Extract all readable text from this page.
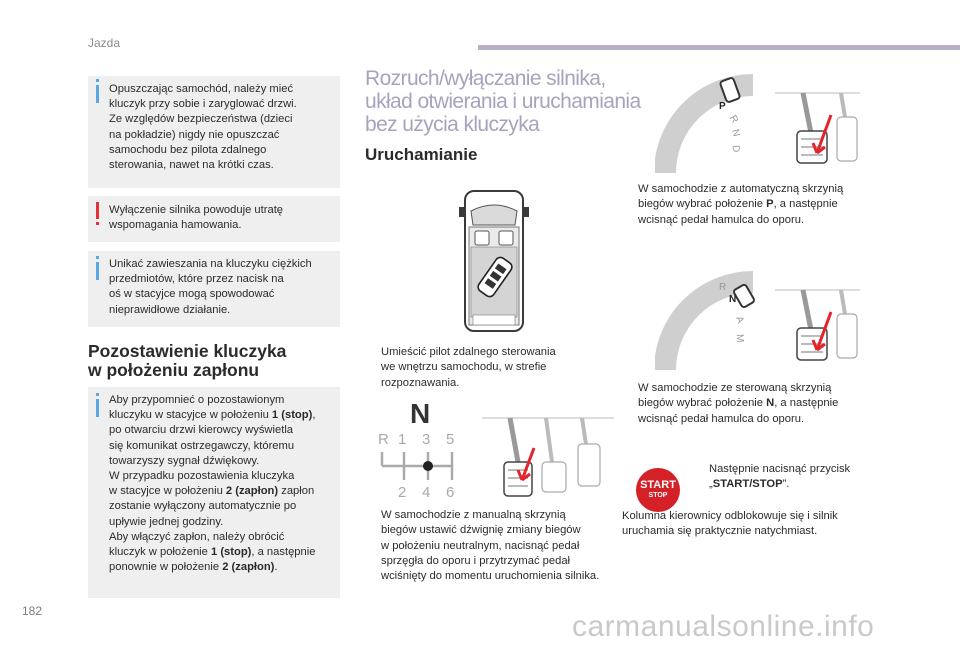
Jazda

Opuszczając samochód, należy mieć

kluczyk przy sobie i zaryglować drzwi.

Ze względów bezpieczeństwa (dzieci

na pokładzie) nigdy nie opuszczać

samochodu bez pilota zdalnego

sterowania, nawet na krótki czas.

Wyłączenie silnika powoduje utratę

wspomagania hamowania.

Unikać zawieszania na kluczyku ciężkich

przedmiotów, które przez nacisk na

oś w stacyjce mogą spowodować

nieprawidłowe działanie.

Pozostawienie kluczyka
w położeniu zapłonu

Aby przypomnieć o pozostawionym

kluczyku w stacyjce w położeniu 1 (stop),

po otwarciu drzwi kierowcy wyświetla

się komunikat ostrzegawczy, któremu

towarzyszy sygnał dźwiękowy.

W przypadku pozostawienia kluczyka

w stacyjce w położeniu 2 (zapłon) zapłon

zostanie wyłączony automatycznie po

upływie jednej godziny.

Aby włączyć zapłon, należy obrócić

kluczyk w położenie 1 (stop), a następnie

ponownie w położenie 2 (zapłon).

Rozruch/wyłączanie silnika,
układ otwierania i uruchamiania
bez użycia kluczyka
Uruchamianie
Umieścić pilot zdalnego sterowania
we wnętrzu samochodu, w strefie
rozpoznawania.
N
R 1 3 5
2 4 6
W samochodzie z manualną skrzynią
biegów ustawić dźwignię zmiany biegów
w położeniu neutralnym, nacisnąć pedał
sprzęgła do oporu i przytrzymać pedał
wciśnięty do momentu uruchomienia silnika.
P
R
N
D
W samochodzie z automatyczną skrzynią
biegów wybrać położenie P, a następnie
wcisnąć pedał hamulca do oporu.
R
N
A
M
W samochodzie ze sterowaną skrzynią
biegów wybrać położenie N, a następnie
wcisnąć pedał hamulca do oporu.
START
STOP
Następnie nacisnąć przycisk
„START/STOP”.
Kolumna kierownicy odblokowuje się i silnik
uruchamia się praktycznie natychmiast.
182	carmanualsonline.info
